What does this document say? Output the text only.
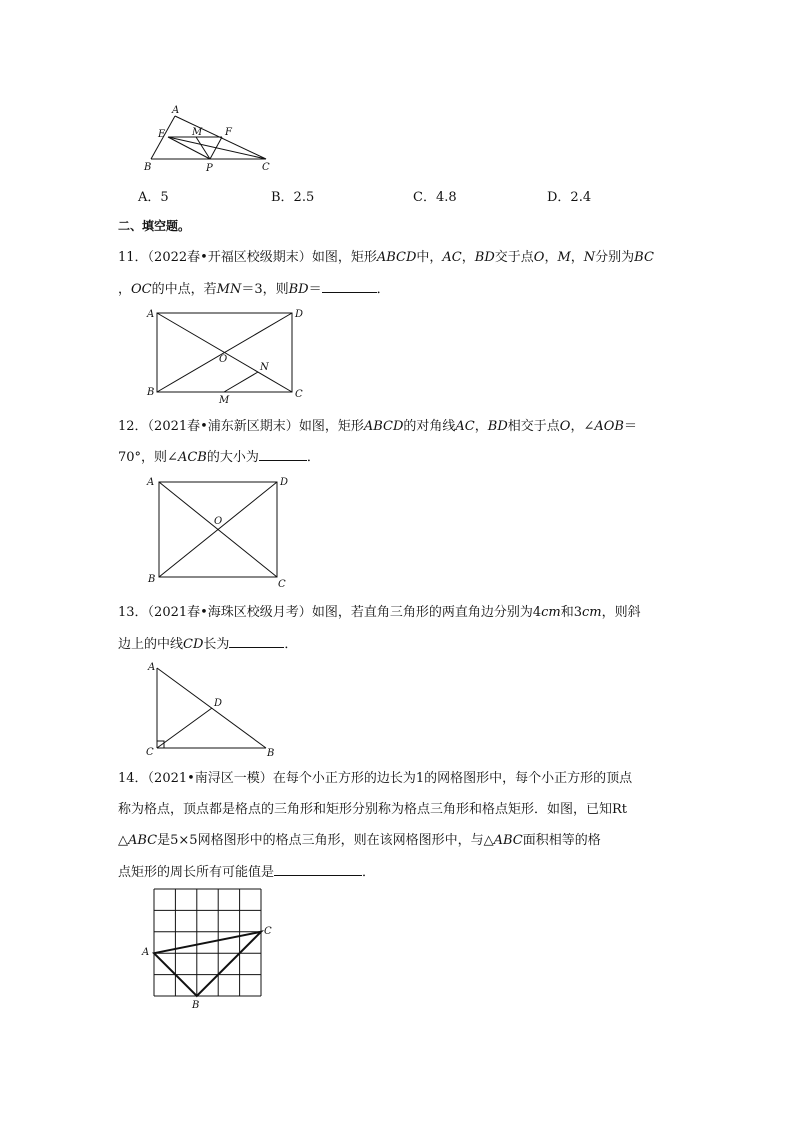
A
E	M F
B	P	C
A．5	B．2.5	C．4.8	D．2.4
二、填空题。
11．（2022春•开福区校级期末）如图，矩形ABCD中，AC，BD交于点O，M，N分别为BC
，OC的中点，若MN＝3，则BD＝	．
A	D
O
N
B
M
C
12．（2021春•浦东新区期末）如图，矩形ABCD的对角线AC，BD相交于点O，∠AOB＝
70°，则∠ACB的大小为	．
A	D
O
B	C
13．（2021春•海珠区校级月考）如图，若直角三角形的两直角边分别为4cm和3cm，则斜
边上的中线CD长为	．
A
D
C	B
14．（2021•南浔区一模）在每个小正方形的边长为1的网格图形中，每个小正方形的顶点
称为格点，顶点都是格点的三角形和矩形分别称为格点三角形和格点矩形．如图，已知Rt
△ABC是5×5网格图形中的格点三角形，则在该网格图形中，与△ABC面积相等的格
点矩形的周长所有可能值是	．
A
C
B
